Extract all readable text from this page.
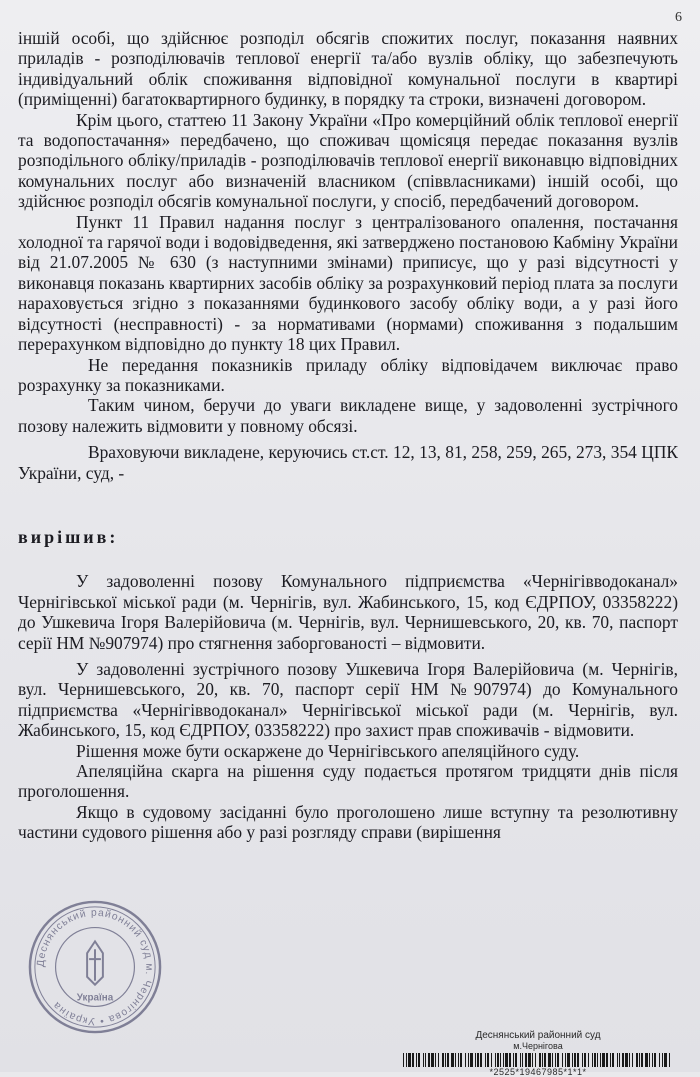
6

іншій особі, що здійснює розподіл обсягів спожитих послуг, показання наявних приладів - розподілювачів теплової енергії та/або вузлів обліку, що забезпечують індивідуальний облік споживання відповідної комунальної послуги в квартирі (приміщенні) багатоквартирного будинку, в порядку та строки, визначені договором.

Крім цього, статтею 11 Закону України «Про комерційний облік теплової енергії та водопостачання» передбачено, що споживач щомісяця передає показання вузлів розподільного обліку/приладів - розподілювачів теплової енергії виконавцю відповідних комунальних послуг або визначеній власником (співвласниками) іншій особі, що здійснює розподіл обсягів комунальної послуги, у спосіб, передбачений договором.

Пункт 11 Правил надання послуг з централізованого опалення, постачання холодної та гарячої води і водовідведення, які затверджено постановою Кабміну України від 21.07.2005 № 630 (з наступними змінами) приписує, що у разі відсутності у виконавця показань квартирних засобів обліку за розрахунковий період плата за послуги нараховується згідно з показаннями будинкового засобу обліку води, а у разі його відсутності (несправності) - за нормативами (нормами) споживання з подальшим перерахунком відповідно до пункту 18 цих Правил.

Не передання показників приладу обліку відповідачем виключає право розрахунку за показниками.

Таким чином, беручи до уваги викладене вище, у задоволенні зустрічного позову належить відмовити у повному обсязі.

Враховуючи викладене, керуючись ст.ст. 12, 13, 81, 258, 259, 265, 273, 354 ЦПК України, суд, -

вирішив:

У задоволенні позову Комунального підприємства «Чернігівводоканал» Чернігівської міської ради (м. Чернігів, вул. Жабинського, 15, код ЄДРПОУ, 03358222) до Ушкевича Ігоря Валерійовича (м. Чернігів, вул. Чернишевського, 20, кв. 70, паспорт серії НМ №907974) про стягнення заборгованості – відмовити.

У задоволенні зустрічного позову Ушкевича Ігоря Валерійовича (м. Чернігів, вул. Чернишевського, 20, кв. 70, паспорт серії НМ №907974) до Комунального підприємства «Чернігівводоканал» Чернігівської міської ради (м. Чернігів, вул. Жабинського, 15, код ЄДРПОУ, 03358222) про захист прав споживачів - відмовити.

Рішення може бути оскаржене до Чернігівського апеляційного суду.

Апеляційна скарга на рішення суду подається протягом тридцяти днів після проголошення.

Якщо в судовому засіданні було проголошено лише вступну та резолютивну частини судового рішення або у разі розгляду справи (вирішення

Деснянський районний суд м. Чернігова • Україна
Україна
Деснянський районний суд
м.Чернігова
*2525*19467985*1*1*
